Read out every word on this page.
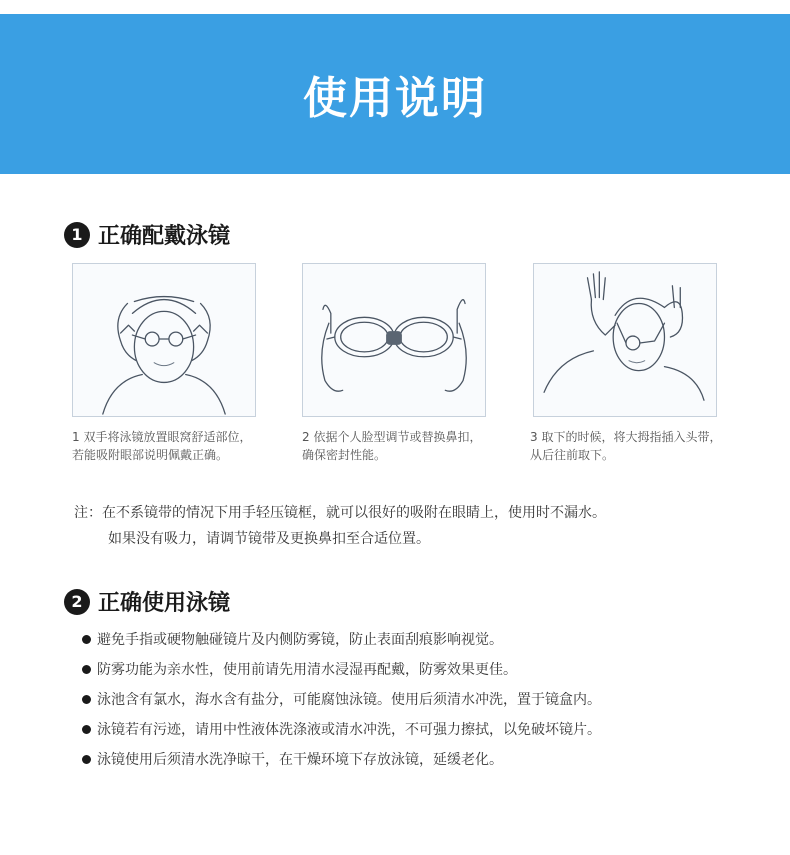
使用说明
1 正确配戴泳镜
1 双手将泳镜放置眼窝舒适部位，
若能吸附眼部说明佩戴正确。
2 依据个人脸型调节或替换鼻扣，
确保密封性能。
3 取下的时候，将大拇指插入头带，
从后往前取下。
注：在不系镜带的情况下用手轻压镜框，就可以很好的吸附在眼睛上，使用时不漏水。
如果没有吸力，请调节镜带及更换鼻扣至合适位置。
2 正确使用泳镜
避免手指或硬物触碰镜片及内侧防雾镜，防止表面刮痕影响视觉。
防雾功能为亲水性，使用前请先用清水浸湿再配戴，防雾效果更佳。
泳池含有氯水，海水含有盐分，可能腐蚀泳镜。使用后须清水冲洗，置于镜盒内。
泳镜若有污迹，请用中性液体洗涤液或清水冲洗，不可强力擦拭，以免破坏镜片。
泳镜使用后须清水洗净晾干，在干燥环境下存放泳镜，延缓老化。
